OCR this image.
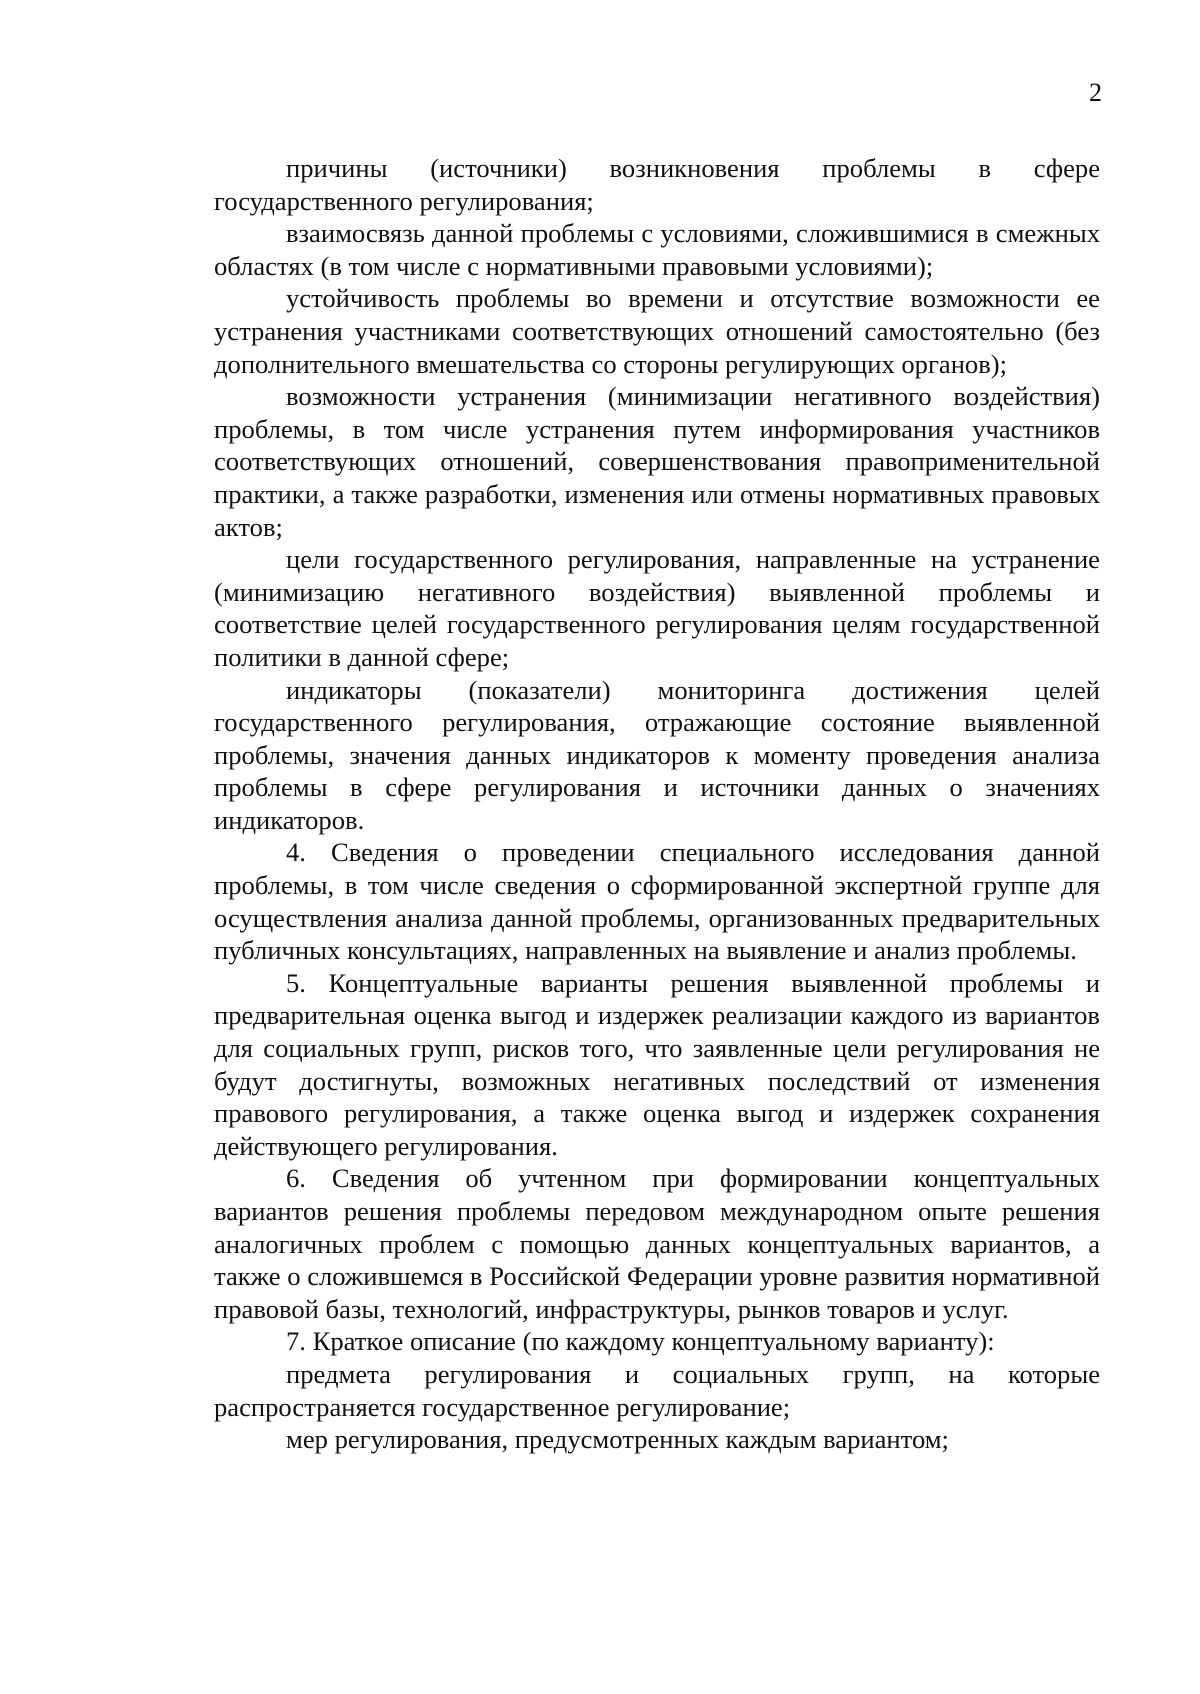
2

причины (источники) возникновения проблемы в сфере государственного регулирования;

взаимосвязь данной проблемы с условиями, сложившимися в смежных областях (в том числе с нормативными правовыми условиями);

устойчивость проблемы во времени и отсутствие возможности ее устранения участниками соответствующих отношений самостоятельно (без дополнительного вмешательства со стороны регулирующих органов);

возможности устранения (минимизации негативного воздействия) проблемы, в том числе устранения путем информирования участников соответствующих отношений, совершенствования правоприменительной практики, а также разработки, изменения или отмены нормативных правовых актов;

цели государственного регулирования, направленные на устранение (минимизацию негативного воздействия) выявленной проблемы и соответствие целей государственного регулирования целям государственной политики в данной сфере;

индикаторы (показатели) мониторинга достижения целей государственного регулирования, отражающие состояние выявленной проблемы, значения данных индикаторов к моменту проведения анализа проблемы в сфере регулирования и источники данных о значениях индикаторов.

4. Сведения о проведении специального исследования данной проблемы, в том числе сведения о сформированной экспертной группе для осуществления анализа данной проблемы, организованных предварительных публичных консультациях, направленных на выявление и анализ проблемы.

5. Концептуальные варианты решения выявленной проблемы и предварительная оценка выгод и издержек реализации каждого из вариантов для социальных групп, рисков того, что заявленные цели регулирования не будут достигнуты, возможных негативных последствий от изменения правового регулирования, а также оценка выгод и издержек сохранения действующего регулирования.

6. Сведения об учтенном при формировании концептуальных вариантов решения проблемы передовом международном опыте решения аналогичных проблем с помощью данных концептуальных вариантов, а также о сложившемся в Российской Федерации уровне развития нормативной правовой базы, технологий, инфраструктуры, рынков товаров и услуг.

7. Краткое описание (по каждому концептуальному варианту):

предмета регулирования и социальных групп, на которые распространяется государственное регулирование;

мер регулирования, предусмотренных каждым вариантом;
